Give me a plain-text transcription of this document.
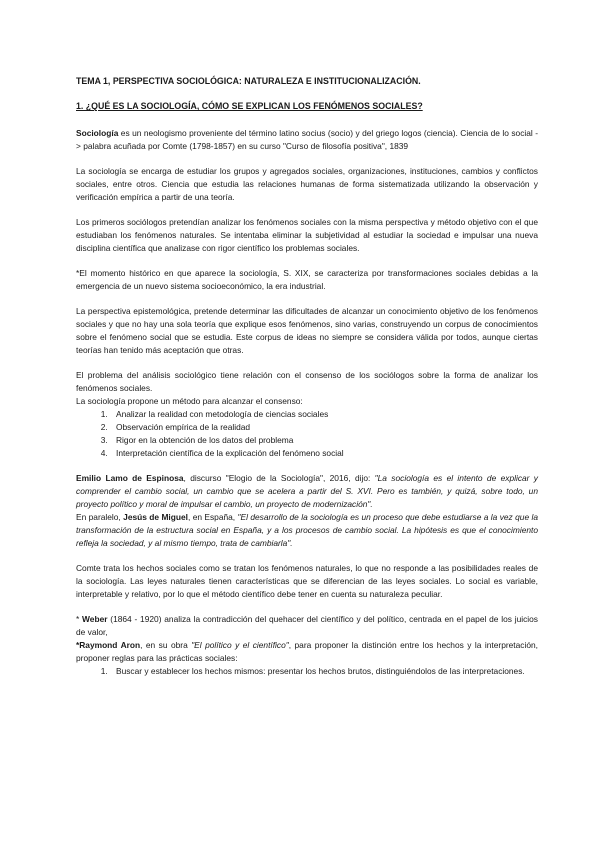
TEMA 1, PERSPECTIVA SOCIOLÓGICA: NATURALEZA E INSTITUCIONALIZACIÓN.
1. ¿QUÉ ES LA SOCIOLOGÍA, CÓMO SE EXPLICAN LOS FENÓMENOS SOCIALES?

Sociología es un neologismo proveniente del término latino socius (socio) y del griego logos (ciencia). Ciencia de lo social -> palabra acuñada por Comte (1798-1857) en su curso "Curso de filosofía positiva", 1839

La sociología se encarga de estudiar los grupos y agregados sociales, organizaciones, instituciones, cambios y conflictos sociales, entre otros. Ciencia que estudia las relaciones humanas de forma sistematizada utilizando la observación y verificación empírica a partir de una teoría.

Los primeros sociólogos pretendían analizar los fenómenos sociales con la misma perspectiva y método objetivo con el que estudiaban los fenómenos naturales. Se intentaba eliminar la subjetividad al estudiar la sociedad e impulsar una nueva disciplina científica que analizase con rigor científico los problemas sociales.

*El momento histórico en que aparece la sociología, S. XIX, se caracteriza por transformaciones sociales debidas a la emergencia de un nuevo sistema socioeconómico, la era industrial.

La perspectiva epistemológica, pretende determinar las dificultades de alcanzar un conocimiento objetivo de los fenómenos sociales y que no hay una sola teoría que explique esos fenómenos, sino varias, construyendo un corpus de conocimientos sobre el fenómeno social que se estudia. Este corpus de ideas no siempre se considera válida por todos, aunque ciertas teorías han tenido más aceptación que otras.

El problema del análisis sociológico tiene relación con el consenso de los sociólogos sobre la forma de analizar los fenómenos sociales.

La sociología propone un método para alcanzar el consenso:

1. Analizar la realidad con metodología de ciencias sociales
2. Observación empírica de la realidad
3. Rigor en la obtención de los datos del problema
4. Interpretación científica de la explicación del fenómeno social

Emilio Lamo de Espinosa, discurso "Elogio de la Sociología", 2016, dijo: "La sociología es el intento de explicar y comprender el cambio social, un cambio que se acelera a partir del S. XVI. Pero es también, y quizá, sobre todo, un proyecto político y moral de impulsar el cambio, un proyecto de modernización".

En paralelo, Jesús de Miguel, en España, "El desarrollo de la sociología es un proceso que debe estudiarse a la vez que la transformación de la estructura social en España, y a los procesos de cambio social. La hipótesis es que el conocimiento refleja la sociedad, y al mismo tiempo, trata de cambiarla".

Comte trata los hechos sociales como se tratan los fenómenos naturales, lo que no responde a las posibilidades reales de la sociología. Las leyes naturales tienen características que se diferencian de las leyes sociales. Lo social es variable, interpretable y relativo, por lo que el método científico debe tener en cuenta su naturaleza peculiar.

* Weber (1864 - 1920) analiza la contradicción del quehacer del científico y del político, centrada en el papel de los juicios de valor,

*Raymond Aron, en su obra "El político y el científico", para proponer la distinción entre los hechos y la interpretación, proponer reglas para las prácticas sociales:

1. Buscar y establecer los hechos mismos: presentar los hechos brutos, distinguiéndolos de las interpretaciones.
